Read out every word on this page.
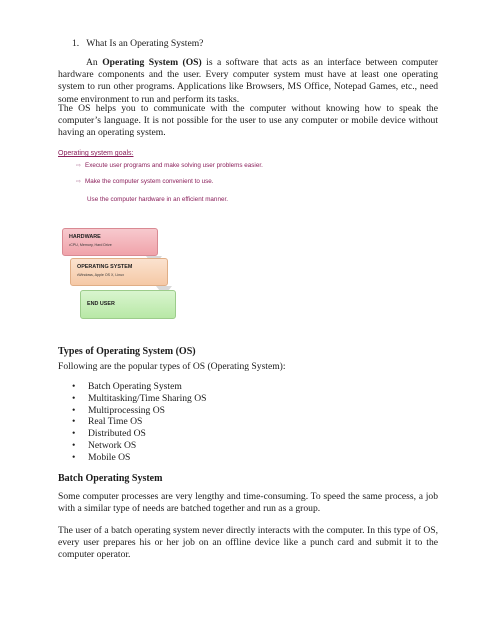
1. What Is an Operating System?
An Operating System (OS) is a software that acts as an interface between computer hardware components and the user. Every computer system must have at least one operating system to run other programs. Applications like Browsers, MS Office, Notepad Games, etc., need some environment to run and perform its tasks.
The OS helps you to communicate with the computer without knowing how to speak the computer’s language. It is not possible for the user to use any computer or mobile device without having an operating system.
Operating system goals:
⇨ Execute user programs and make solving user problems easier.
⇨ Make the computer system convenient to use.
Use the computer hardware in an efficient manner.
HARDWARE
•CPU, Memory, Hard Drive
OPERATING SYSTEM
•Windows, Apple OS X, Linux
END USER
Types of Operating System (OS)
Following are the popular types of OS (Operating System):
• Batch Operating System
• Multitasking/Time Sharing OS
• Multiprocessing OS
• Real Time OS
• Distributed OS
• Network OS
• Mobile OS
Batch Operating System
Some computer processes are very lengthy and time-consuming. To speed the same process, a job with a similar type of needs are batched together and run as a group.
The user of a batch operating system never directly interacts with the computer. In this type of OS, every user prepares his or her job on an offline device like a punch card and submit it to the computer operator.
